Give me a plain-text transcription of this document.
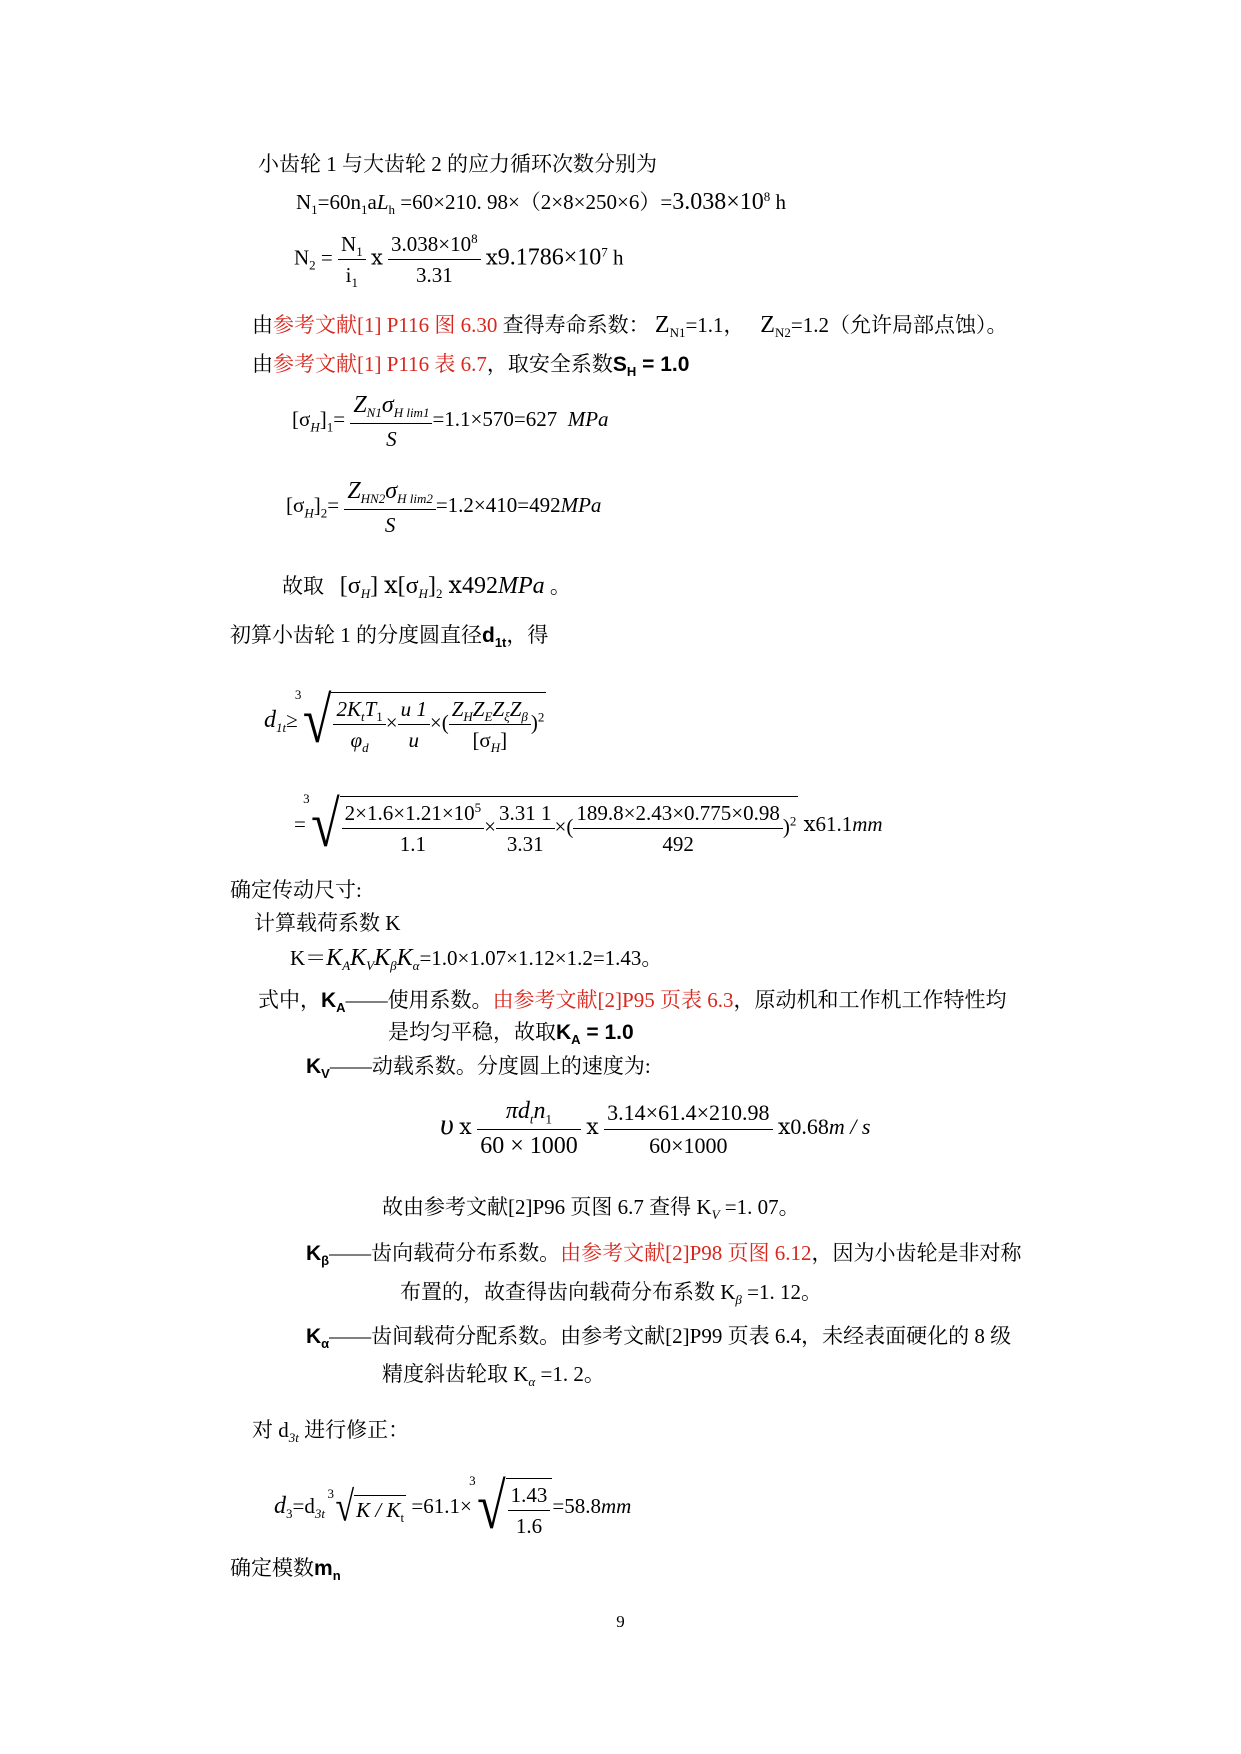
小齿轮 1 与大齿轮 2 的应力循环次数分别为
$N_1=60n_1aL_h =60\times 210$. $98\times(2\times 8\times 250\times 6)=3.038\times 10^8$ h
$N_2 = \frac{N_1}{i_1}$ ⅹ $\frac{3.038\times 10^8}{3.31}$ $ⅹ9.1786\times 10^7$ h
由参考文献[1] P116 图 6.30 查得寿命系数： $Z_{N1}=1.1$， $Z_{N2}=1.2$（允许局部点蚀）。
由参考文献[1] P116 表 6.7，取安全系数$S_H = 1.0$
$[\sigma_H]_1= \frac{Z_{N1}\sigma_{H lim1}}{S} =1.1\times 570=627$ MPa
$[\sigma_H]_2= \frac{Z_{HN2}\sigma_{H lim2}}{S} =1.2\times 410=492MPa$
故取 $[\sigma_H]$ $ⅹ[\sigma_H]_2$ ⅹ492MPa 。
初算小齿轮 1 的分度圆直径$d_{1t}$，得
$d_{1t}\ge$
3 √ $\frac{2K_tT_1}{\varphi_d} \times \frac{u 1}{u}$ ×( $\frac{Z_HZ_EZ_\xi Z_\beta}{[\sigma_H]} )^2$
=
3 √ $\frac{2\times 1.6\times 1.21\times 10^5}{1.1} \times \frac{3.31 1}{3.31}$ ×( $\frac{189.8\times 2.43\times 0.775\times 0.98}{492} )^2$ ⅹ61.1mm
确定传动尺寸:
计算载荷系数 K
$K=K_AK_VK_\beta K_\alpha=1.0\times 1.07\times 1.12\times 1.2=1.43$。
式中，$K_A——$使用系数。由参考文献[2]P95 页表 6.3，原动机和工作机工作特性均
是均匀平稳，故取$K_A = 1.0$
$K_V——$动载系数。分度圆上的速度为:
υ ⅹ $\frac{\pi d_tn_1}{60 \times 1000}$ ⅹ $\frac{3.14\times 61.4\times 210.98}{60\times 1000}$ ⅹ0.68m / s
故由参考文献[2]P96 页图 6.7 查得 $K_V =1$. 07。
$K_\beta——$齿向载荷分布系数。由参考文献[2]P98 页图 6.12，因为小齿轮是非对称
布置的，故查得齿向载荷分布系数 $K_\beta =1$. 12。
$K_\alpha——$齿间载荷分配系数。由参考文献[2]P99 页表 6.4，未经表面硬化的 8 级
精度斜齿轮取 $K_\alpha =1$. 2。
对 $d_{3t}$ 进行修正：
$d_3=d_{3t}$
3 $√K / K_t =61.1\times$
3 √ $\frac{1.43}{1.6} =58.8mm$
确定模数$m_n$
9
